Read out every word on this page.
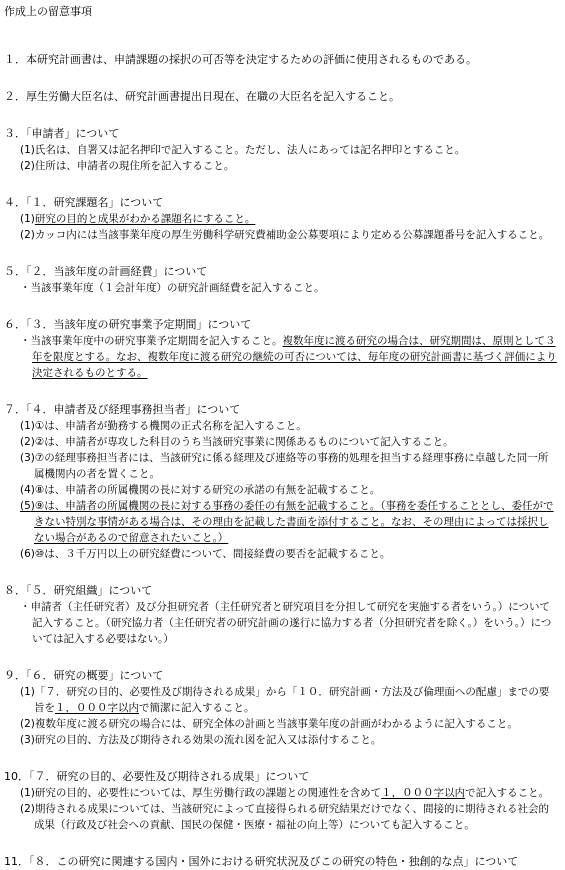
作成上の留意事項
１．本研究計画書は、申請課題の採択の可否等を決定するための評価に使用されるものである。
２．厚生労働大臣名は、研究計画書提出日現在、在職の大臣名を記入すること。
３．「申請者」について
(1)氏名は、自署又は記名押印で記入すること。ただし、法人にあっては記名押印とすること。
(2)住所は、申請者の現住所を記入すること。
４．「１．研究課題名」について
(1)研究の目的と成果がわかる課題名にすること。
(2)カッコ内には当該事業年度の厚生労働科学研究費補助金公募要項により定める公募課題番号を記入すること。
５．「２．当該年度の計画経費」について
・当該事業年度（１会計年度）の研究計画経費を記入すること。
６．「３．当該年度の研究事業予定期間」について
・当該事業年度中の研究事業予定期間を記入すること。複数年度に渡る研究の場合は、研究期間は、原則として３年を限度とする。なお、複数年度に渡る研究の継続の可否については、毎年度の研究計画書に基づく評価により決定されるものとする。
７．「４．申請者及び経理事務担当者」について
(1)①は、申請者が勤務する機関の正式名称を記入すること。
(2)②は、申請者が専攻した科目のうち当該研究事業に関係あるものについて記入すること。
(3)⑦の経理事務担当者には、当該研究に係る経理及び連絡等の事務的処理を担当する経理事務に卓越した同一所属機関内の者を置くこと。
(4)⑧は、申請者の所属機関の長に対する研究の承諾の有無を記載すること。
(5)⑨は、申請者の所属機関の長に対する事務の委任の有無を記載すること。（事務を委任することとし、委任ができない特別な事情がある場合は、その理由を記載した書面を添付すること。なお、その理由によっては採択しない場合があるので留意されたいこと。）
(6)⑩は、３千万円以上の研究経費について、間接経費の要否を記載すること。
８．「５．研究組織」について
・申請者（主任研究者）及び分担研究者（主任研究者と研究項目を分担して研究を実施する者をいう。）について記入すること。（研究協力者（主任研究者の研究計画の遂行に協力する者（分担研究者を除く。）をいう。）については記入する必要はない。）
９．「６．研究の概要」について
(1)「７．研究の目的、必要性及び期待される成果」から「１０．研究計画・方法及び倫理面への配慮」までの要旨を１，０００字以内で簡潔に記入すること。
(2)複数年度に渡る研究の場合には、研究全体の計画と当該事業年度の計画がわかるように記入すること。
(3)研究の目的、方法及び期待される効果の流れ図を記入又は添付すること。
10．「７．研究の目的、必要性及び期待される成果」について
(1)研究の目的、必要性については、厚生労働行政の課題との関連性を含めて１，０００字以内で記入すること。
(2)期待される成果については、当該研究によって直接得られる研究結果だけでなく、間接的に期待される社会的成果（行政及び社会への貢献、国民の保健・医療・福祉の向上等）についても記入すること。
11．「８．この研究に関連する国内・国外における研究状況及びこの研究の特色・独創的な点」について
